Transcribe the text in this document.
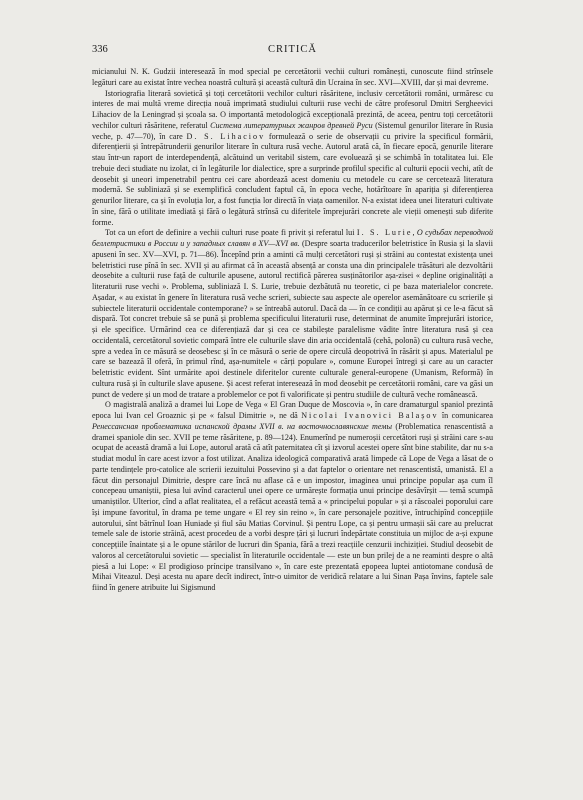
336	CRITICĂ

micianului N. K. Gudzii interesează în mod special pe cercetătorii vechii culturi românești, cunoscute fiind strînsele legături care au existat între vechea noastră cultură și această cultură din Ucraina în sec. XVI—XVIII, dar și mai devreme.

Istoriografia literară sovietică și toți cercetătorii vechilor culturi răsăritene, inclusiv cercetătorii români, urmăresc cu interes de mai multă vreme direcția nouă imprimată studiului culturii ruse vechi de către profesorul Dmitri Sergheevici Lihaciov de la Leningrad și școala sa. O importantă metodologică excepțională prezintă, de aceea, pentru toți cercetătorii vechilor culturi răsăritene, referatul Система литературных жанров древней Руси (Sistemul genurilor literare în Rusia veche, p. 47—70), în care D. S. Lihaciov formulează o serie de observații cu privire la specificul formării, diferențierii și întrepătrunderii genurilor literare în cultura rusă veche. Autorul arată că, în fiecare epocă, genurile literare stau într-un raport de interdependență, alcătuind un veritabil sistem, care evoluează și se schimbă în totalitatea lui. Ele trebuie deci studiate nu izolat, ci în legăturile lor dialectice, spre a surprinde profilul specific al culturii epocii vechi, atît de deosebit și uneori impenetrabil pentru cei care abordează acest domeniu cu metodele cu care se cercetează literatura modernă. Se subliniază și se exemplifică concludent faptul că, în epoca veche, hotărîtoare în apariția și diferențierea genurilor literare, ca și în evoluția lor, a fost funcția lor directă în viața oamenilor. N-a existat ideea unei literaturi cultivate în sine, fără o utilitate imediată și fără o legătură strînsă cu diferitele împrejurări concrete ale vieții omenești sub diferite forme.

Tot ca un efort de definire a vechii culturi ruse poate fi privit și referatul lui I. S. Lurie, О судьбах переводной беллетристики в России и у западных славян в XV—XVI вв. (Despre soarta traducerilor beletristice în Rusia și la slavii apuseni în sec. XV—XVI, p. 71—86). Începînd prin a aminti că mulți cercetători ruși și străini au contestat existența unei beletristici ruse pînă în sec. XVII și au afirmat că în această absență ar consta una din principalele trăsături ale dezvoltării deosebite a culturii ruse față de culturile apusene, autorul rectifică părerea susținătorilor așa-zisei « depline originalități a literaturii ruse vechi ». Problema, subliniază I. S. Lurie, trebuie dezbătută nu teoretic, ci pe baza materialelor concrete. Așadar, « au existat în genere în literatura rusă veche scrieri, subiecte sau aspecte ale operelor asemănătoare cu scrierile și subiectele literaturii occidentale contemporane? » se întreabă autorul. Dacă da — în ce condiții au apărut și ce le-a făcut să dispară. Tot concret trebuie să se pună și problema specificului literaturii ruse, determinat de anumite împrejurări istorice, și ele specifice. Urmărind cea ce diferențiază dar și cea ce stabilește paralelisme vădite între literatura rusă și cea occidentală, cercetătorul sovietic compară între ele culturile slave din aria occidentală (cehă, polonă) cu cultura rusă veche, spre a vedea în ce măsură se deosebesc și în ce măsură o serie de opere circulă deopotrivă în răsărit și apus. Materialul pe care se bazează îl oferă, în primul rînd, așa-numitele « cărți populare », comune Europei întregi și care au un caracter beletristic evident. Sînt urmărite apoi destinele diferitelor curente culturale general-europene (Umanism, Reformă) în cultura rusă și în culturile slave apusene. Și acest referat interesează în mod deosebit pe cercetătorii români, care va găsi un punct de vedere și un mod de tratare a problemelor ce pot fi valorificate și pentru studiile de cultură veche românească.

O magistrală analiză a dramei lui Lope de Vega « El Gran Duque de Moscovia », în care dramaturgul spaniol prezintă epoca lui Ivan cel Groaznic și pe « falsul Dimitrie », ne dă Nicolai Ivanovici Balașov în comunicarea Ренессансная проблематика испанской драмы XVII в. на восточнославянские темы (Problematica renascentistă a dramei spaniole din sec. XVII pe teme răsăritene, p. 89—124). Enumerînd pe numeroșii cercetători ruși și străini care s-au ocupat de această dramă a lui Lope, autorul arată că atît paternitatea cît și izvorul acestei opere sînt bine stabilite, dar nu s-a studiat modul în care acest izvor a fost utilizat. Analiza ideologică comparativă arată limpede că Lope de Vega a lăsat de o parte tendințele pro-catolice ale scrierii iezuitului Possevino și a dat faptelor o orientare net renascentistă, umanistă. El a făcut din personajul Dimitrie, despre care încă nu aflase că e un impostor, imaginea unui principe popular așa cum îl concepeau umaniștii, piesa lui avînd caracterul unei opere ce urmărește formația unui principe desăvîrșit — temă scumpă umaniștilor. Ulterior, cînd a aflat realitatea, el a refăcut această temă a « principelui popular » și a răscoalei poporului care își impune favoritul, în drama pe teme ungare « El rey sin reino », în care personajele pozitive, întruchipînd concepțiile autorului, sînt bătrînul Ioan Huniade și fiul său Matias Corvinul. Și pentru Lope, ca și pentru urmașii săi care au prelucrat temele sale de istorie străină, acest procedeu de a vorbi despre țări și lucruri îndepărtate constituia un mijloc de a-și expune concepțiile înaintate și a le opune stărilor de lucruri din Spania, fără a trezi reacțiile cenzurii inchiziției. Studiul deosebit de valoros al cercetătorului sovietic — specialist în literaturile occidentale — este un bun prilej de a ne reaminti despre o altă piesă a lui Lope: « El prodigioso príncipe transilvano », în care este prezentată epopeea luptei antiotomane condusă de Mihai Viteazul. Deși acesta nu apare decît indirect, într-o uimitor de veridică relatare a lui Sinan Pașa învins, faptele sale fiind în genere atribuite lui Sigismund
